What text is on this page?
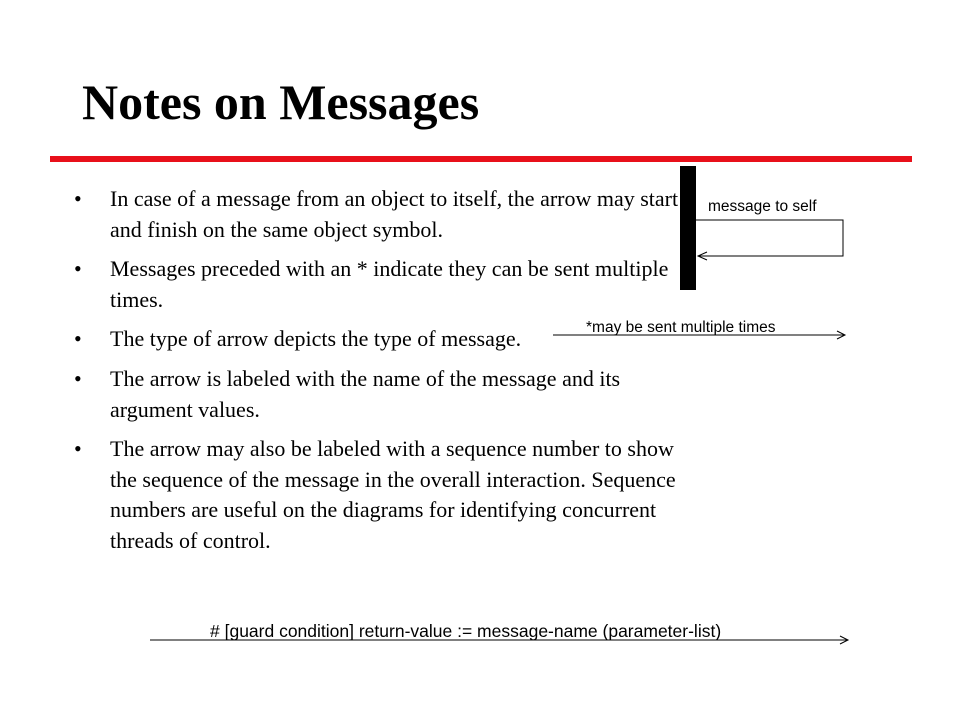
Notes on Messages
• In case of a message from an object to itself, the arrow may start and finish on the same object symbol.
• Messages preceded with an * indicate they can be sent multiple times.
• The type of arrow depicts the type of message.
• The arrow is labeled with the name of the message and its argument values.
• The arrow may also be labeled with a sequence number to show the sequence of the message in the overall interaction. Sequence numbers are useful on the diagrams for identifying concurrent threads of control.
message to self
*may be sent multiple times
# [guard condition] return-value := message-name (parameter-list)
